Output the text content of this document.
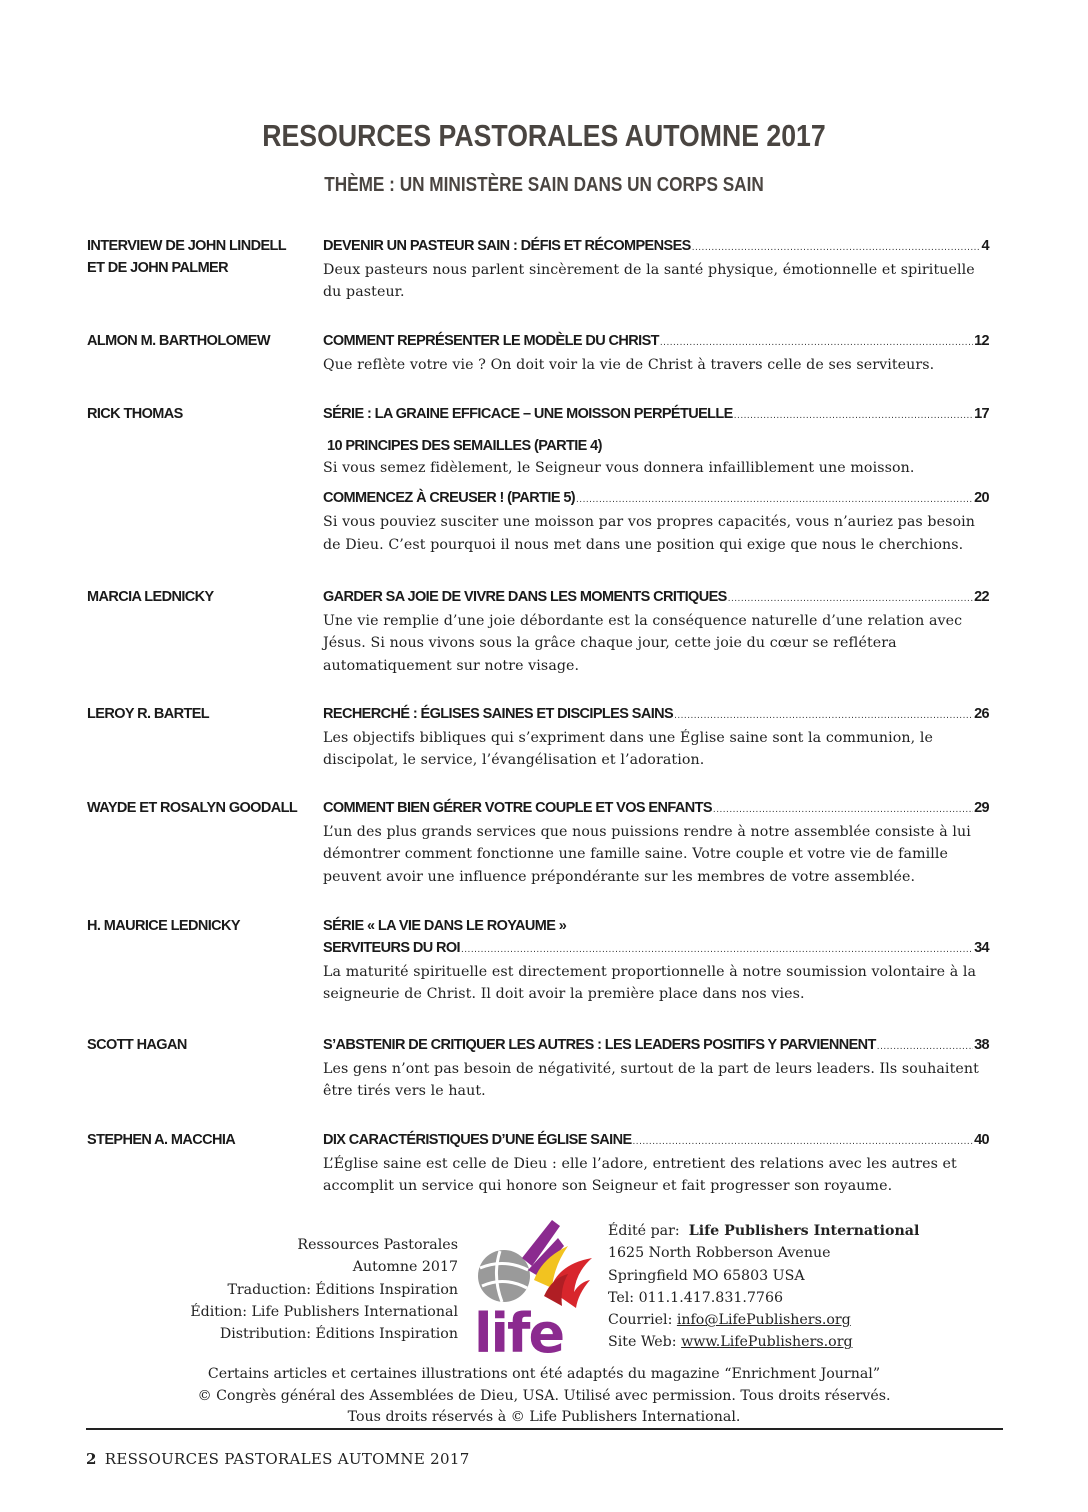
RESOURCES PASTORALES AUTOMNE 2017
THÈME : UN MINISTÈRE SAIN DANS UN CORPS SAIN
INTERVIEW DE JOHN LINDELL
ET DE JOHN PALMER
DEVENIR UN PASTEUR SAIN : DÉFIS ET RÉCOMPENSES .....	4
Deux pasteurs nous parlent sincèrement de la santé physique, émotionnelle et spirituelle du pasteur.
ALMON M. BARTHOLOMEW	COMMENT REPRÉSENTER LE MODÈLE DU CHRIST .....	12
Que reflète votre vie ? On doit voir la vie de Christ à travers celle de ses serviteurs.
RICK THOMAS	SÉRIE : LA GRAINE EFFICACE – UNE MOISSON PERPÉTUELLE .....	17
10 PRINCIPES DES SEMAILLES (PARTIE 4)
Si vous semez fidèlement, le Seigneur vous donnera infailliblement une moisson.
COMMENCEZ À CREUSER ! (PARTIE 5) .....	20
Si vous pouviez susciter une moisson par vos propres capacités, vous n’auriez pas besoin de Dieu. C’est pourquoi il nous met dans une position qui exige que nous le cherchions.
MARCIA LEDNICKY	GARDER SA JOIE DE VIVRE DANS LES MOMENTS CRITIQUES .....	22
Une vie remplie d’une joie débordante est la conséquence naturelle d’une relation avec Jésus. Si nous vivons sous la grâce chaque jour, cette joie du cœur se reflétera automatiquement sur notre visage.
LEROY R. BARTEL	RECHERCHÉ : ÉGLISES SAINES ET DISCIPLES SAINS .....	26
Les objectifs bibliques qui s’expriment dans une Église saine sont la communion, le discipolat, le service, l’évangélisation et l’adoration.
WAYDE ET ROSALYN GOODALL	COMMENT BIEN GÉRER VOTRE COUPLE ET VOS ENFANTS .....	29
L’un des plus grands services que nous puissions rendre à notre assemblée consiste à lui démontrer comment fonctionne une famille saine. Votre couple et votre vie de famille peuvent avoir une influence prépondérante sur les membres de votre assemblée.
H. MAURICE LEDNICKY	SÉRIE « LA VIE DANS LE ROYAUME »
SERVITEURS DU ROI .....	34
La maturité spirituelle est directement proportionnelle à notre soumission volontaire à la seigneurie de Christ. Il doit avoir la première place dans nos vies.
SCOTT HAGAN	S’ABSTENIR DE CRITIQUER LES AUTRES : LES LEADERS POSITIFS Y PARVIENNENT .....	38
Les gens n’ont pas besoin de négativité, surtout de la part de leurs leaders. Ils souhaitent être tirés vers le haut.
STEPHEN A. MACCHIA	DIX CARACTÉRISTIQUES D’UNE ÉGLISE SAINE .....	40
L’Église saine est celle de Dieu : elle l’adore, entretient des relations avec les autres et accomplit un service qui honore son Seigneur et fait progresser son royaume.
Ressources Pastorales
Automne 2017
Traduction: Éditions Inspiration
Édition: Life Publishers International
Distribution: Éditions Inspiration life
Édité par: Life Publishers International
1625 North Robberson Avenue
Springfield MO 65803 USA
Tel: 011.1.417.831.7766
Courriel: info@LifePublishers.org
Site Web: www.LifePublishers.org
Certains articles et certaines illustrations ont été adaptés du magazine “Enrichment Journal”
© Congrès général des Assemblées de Dieu, USA. Utilisé avec permission. Tous droits réservés.
Tous droits réservés à © Life Publishers International.
2 RESSOURCES PASTORALES AUTOMNE 2017
